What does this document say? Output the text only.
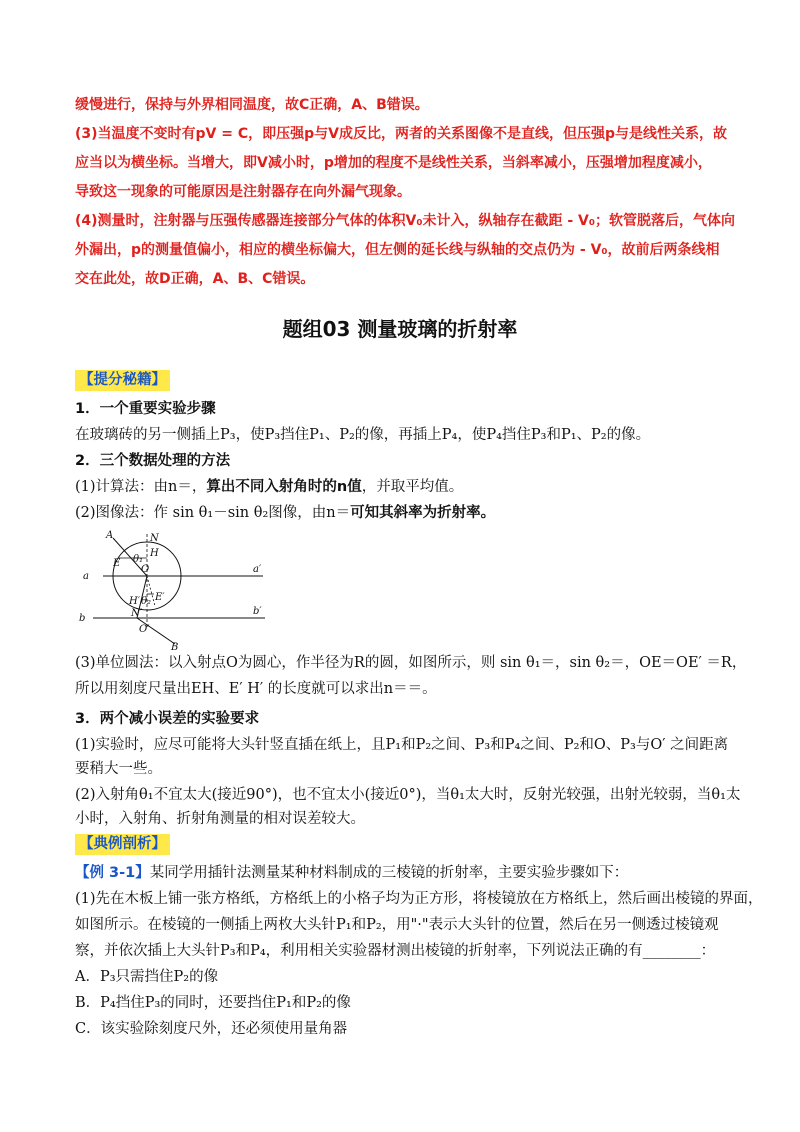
缓慢进行，保持与外界相同温度，故C正确，A、B错误。
(3)当温度不变时有pV = C，即压强p与V成反比，两者的关系图像不是直线，但压强p与是线性关系，故
应当以为横坐标。当增大，即V减小时，p增加的程度不是线性关系，当斜率减小，压强增加程度减小，
导致这一现象的可能原因是注射器存在向外漏气现象。
(4)测量时，注射器与压强传感器连接部分气体的体积V₀未计入，纵轴存在截距 - V₀；软管脱落后，气体向
外漏出，p的测量值偏小，相应的横坐标偏大，但左侧的延长线与纵轴的交点仍为 - V₀，故前后两条线相
交在此处，故D正确，A、B、C错误。
题组03 测量玻璃的折射率
【提分秘籍】
1．一个重要实验步骤
在玻璃砖的另一侧插上P₃，使P₃挡住P₁、P₂的像，再插上P₄，使P₄挡住P₃和P₁、P₂的像。
2．三个数据处理的方法
(1)计算法：由n＝，算出不同入射角时的n值，并取平均值。
(2)图像法：作 sin θ₁－sin θ₂图像，由n＝可知其斜率为折射率。
A	N
H
θ₁
E
O
a
a′
H′ θ₂ E′
N′
b
b′
O′
B
(3)单位圆法：以入射点O为圆心，作半径为R的圆，如图所示，则 sin θ₁＝，sin θ₂＝，OE＝OE′ ＝R，
所以用刻度尺量出EH、E′ H′ 的长度就可以求出n＝＝。
3．两个减小误差的实验要求
(1)实验时，应尽可能将大头针竖直插在纸上，且P₁和P₂之间、P₃和P₄之间、P₂和O、P₃与O′ 之间距离
要稍大一些。
(2)入射角θ₁不宜太大(接近90°)，也不宜太小(接近0°)，当θ₁太大时，反射光较强，出射光较弱，当θ₁太
小时，入射角、折射角测量的相对误差较大。
【典例剖析】
【例 3-1】某同学用插针法测量某种材料制成的三棱镜的折射率，主要实验步骤如下：
(1)先在木板上铺一张方格纸，方格纸上的小格子均为正方形，将棱镜放在方格纸上，然后画出棱镜的界面，
如图所示。在棱镜的一侧插上两枚大头针P₁和P₂，用"·"表示大头针的位置，然后在另一侧透过棱镜观
察，并依次插上大头针P₃和P₄，利用相关实验器材测出棱镜的折射率，下列说法正确的有________：
A．P₃只需挡住P₂的像
B．P₄挡住P₃的同时，还要挡住P₁和P₂的像
C．该实验除刻度尺外，还必须使用量角器
